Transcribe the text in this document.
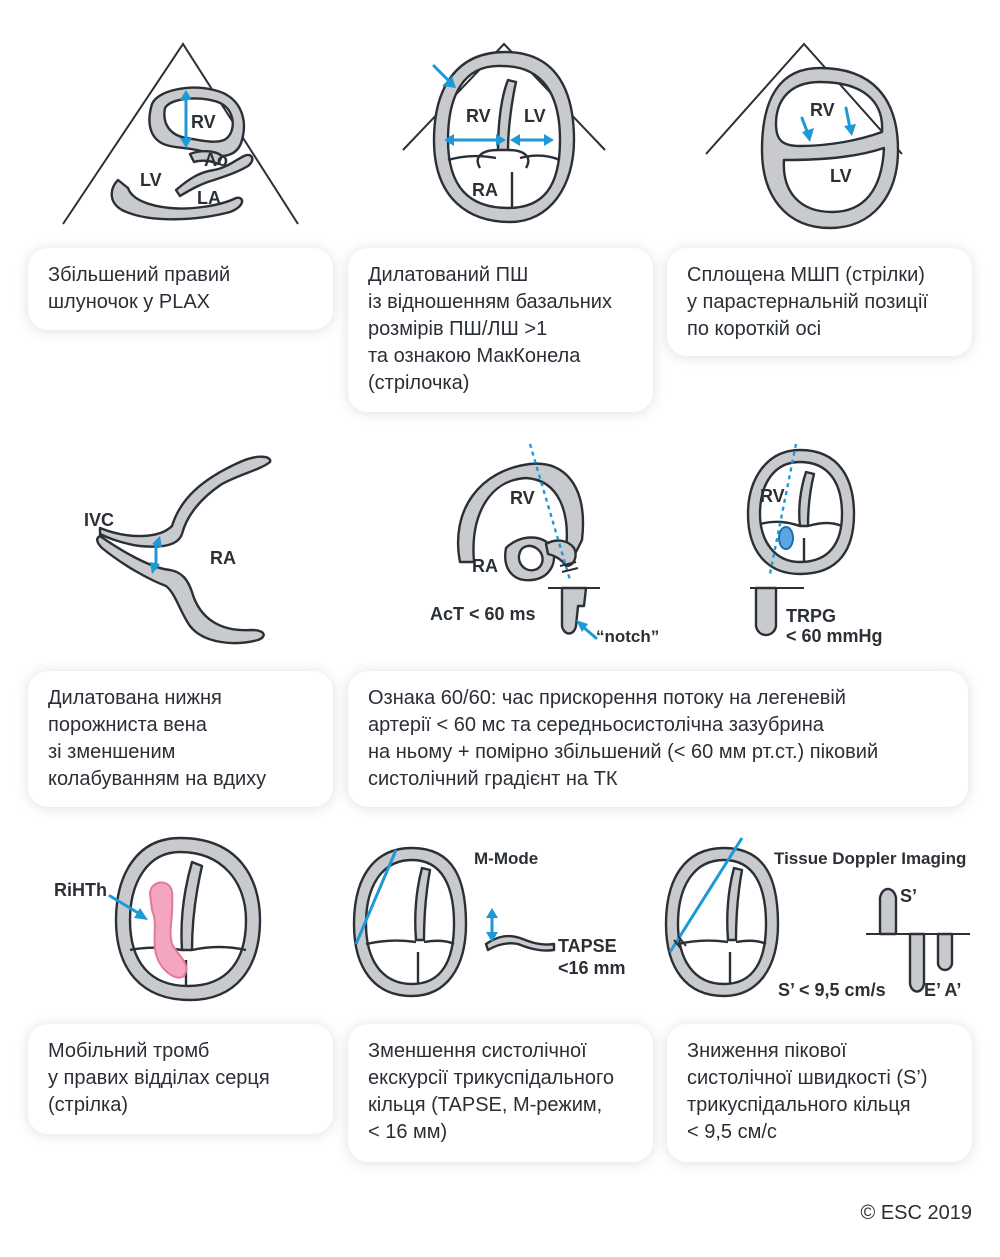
RV
Ao
LV
LA
RV LV
RA
RV
LV
Збільшений правий
шлуночок у PLAX
Дилатований ПШ
із відношенням базальних
розмірів ПШ/ЛШ >1
та ознакою МакКонела
(стрілочка)
Сплощена МШП (стрілки)
у парастернальній позиції
по короткій осі
IVC
RA
RV
RA
AcT < 60 ms
“notch”
RV
TRPG
< 60 mmHg
Дилатована нижня
порожниста вена
зі зменшеним
колабуванням на вдиху
Ознака 60/60: час прискорення потоку на легеневій
артерії < 60 мс та середньосистолічна зазубрина
на ньому + помірно збільшений (< 60 мм рт.ст.) піковий
систолічний градієнт на ТК
RiHTh
M-Mode
TAPSE
<16 mm
Tissue Doppler Imaging
S’
S’ < 9,5 cm/s E’ A’
Мобільний тромб
у правих відділах серця
(стрілка)
Зменшення систолічної
екскурсії трикуспідального
кільця (TAPSE, М-режим,
< 16 мм)
Зниження пікової
систолічної швидкості (S’)
трикуспідального кільця
< 9,5 см/с
© ESC 2019
